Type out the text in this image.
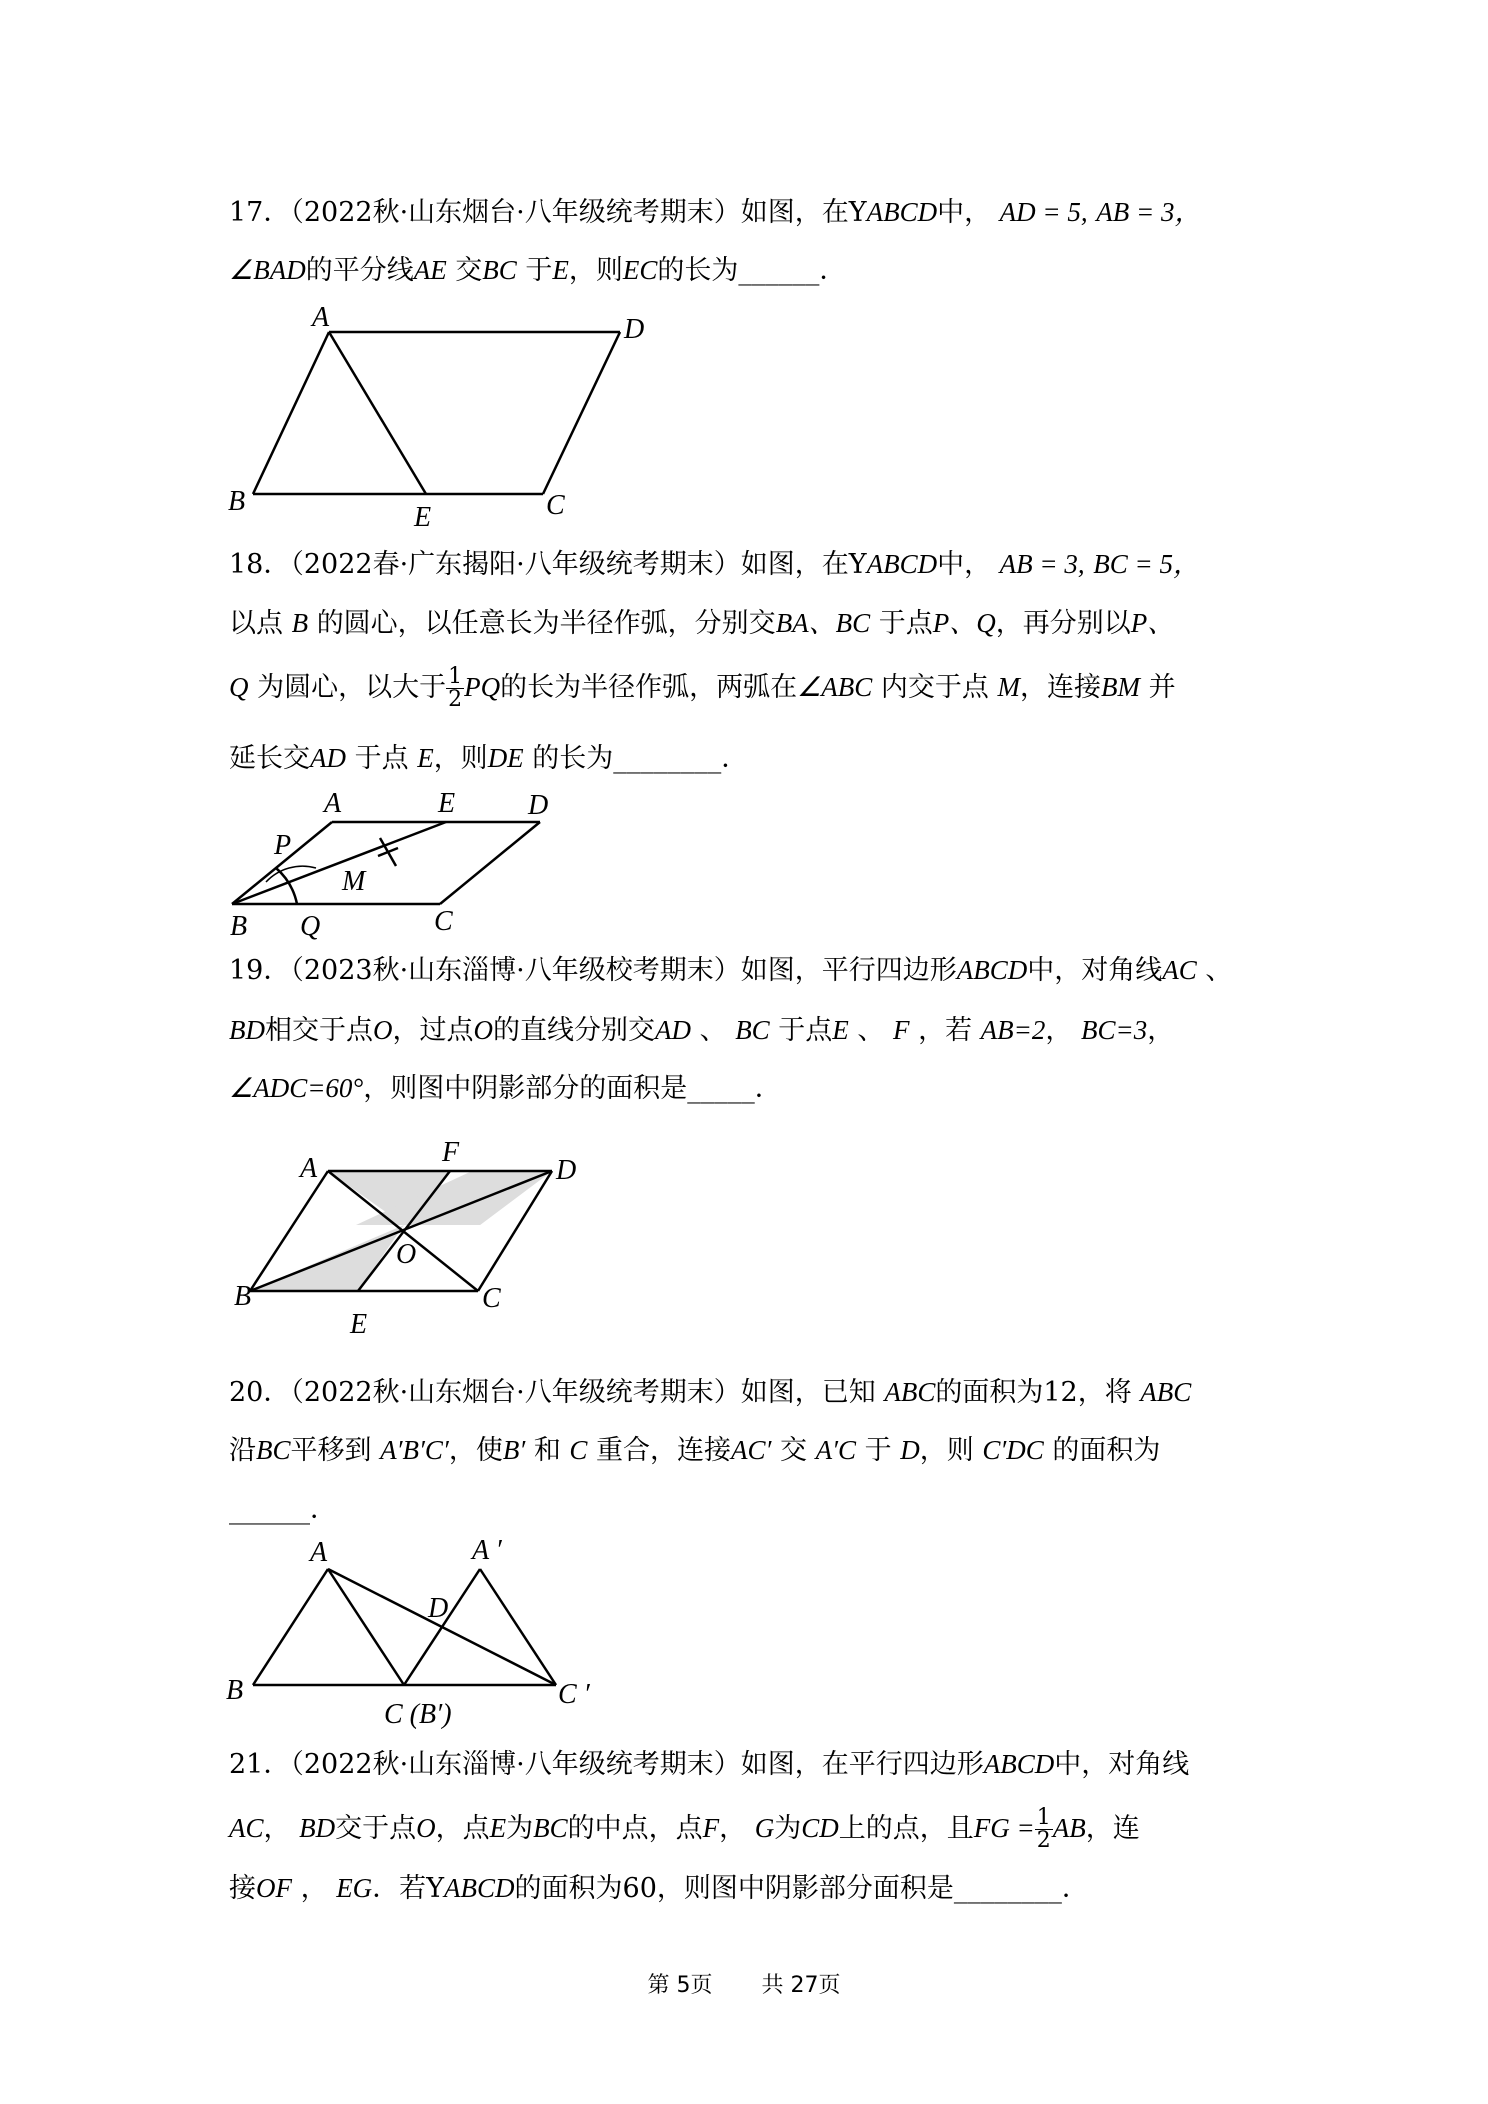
17．（2022秋·山东烟台·八年级统考期末）如图，在YABCD中， AD = 5, AB = 3，
∠BAD的平分线AE 交BC 于E，则EC的长为______．
A	D
B
E	C
18．（2022春·广东揭阳·八年级统考期末）如图，在YABCD中， AB = 3, BC = 5，
以点 B 的圆心，以任意长为半径作弧，分别交BA、BC 于点P、Q，再分别以P、
Q 为圆心，以大于 $\frac{1}{2}$ PQ的长为半径作弧，两弧在∠ABC 内交于点 M，连接BM 并
延长交AD 于点 E，则DE 的长为________．
A	E	D
P
M
B Q	C
19．（2023秋·山东淄博·八年级校考期末）如图，平行四边形ABCD中，对角线AC 、
BD相交于点O，过点O的直线分别交AD 、 BC 于点E 、 F ，若 AB=2， BC=3，
∠ADC=60°，则图中阴影部分的面积是_____．
A
F
D
O
B
E
C
20．（2022秋·山东烟台·八年级统考期末）如图，已知 ABC的面积为12，将 ABC
沿BC平移到 A′B′C′，使B′ 和 C 重合，连接AC′ 交 A′C 于 D，则 C′DC 的面积为
______．
A	A ′
D
B
C (B′)
C ′
21．（2022秋·山东淄博·八年级统考期末）如图，在平行四边形ABCD中，对角线
AC， BD交于点O，点E为BC的中点，点F， G为CD上的点，且FG = $\frac{1}{2}$ AB，连
接OF ， EG．若YABCD的面积为60，则图中阴影部分面积是________．
第 5页 共 27页
